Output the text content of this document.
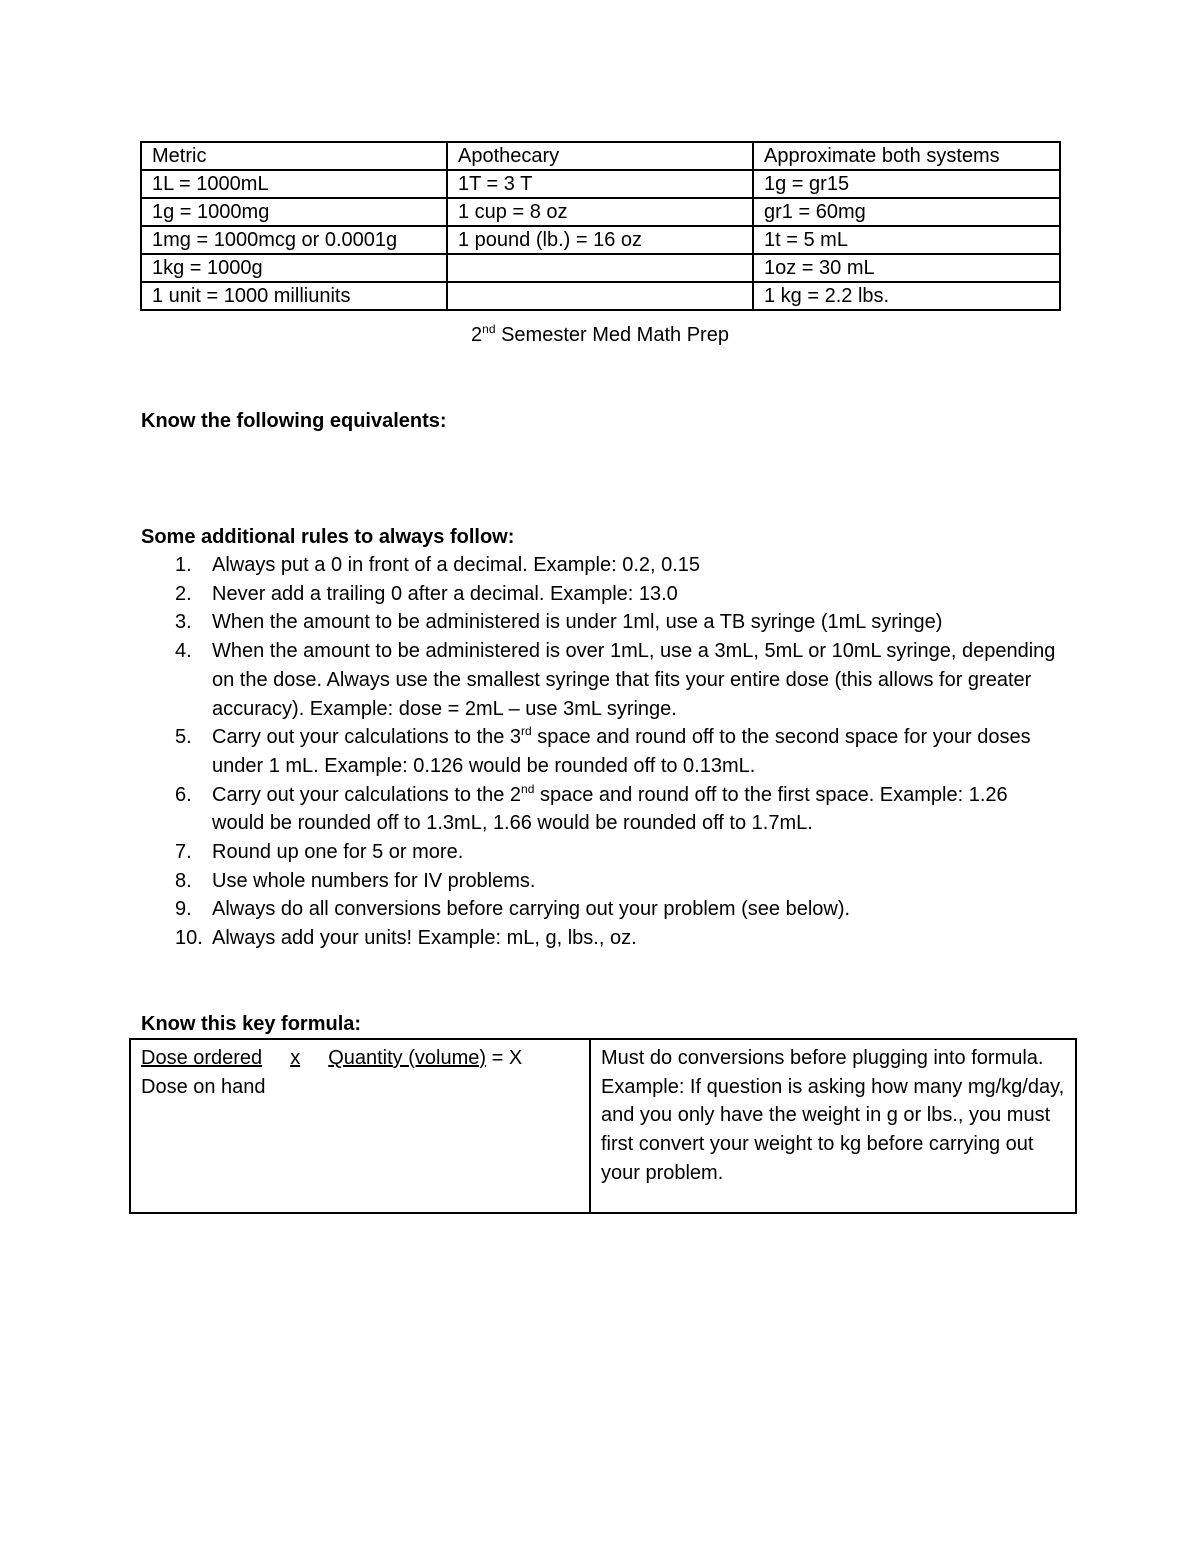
Metric	Apothecary	Approximate both systems
1L = 1000mL	1T = 3 T	1g = gr15
1g = 1000mg	1 cup = 8 oz	gr1 = 60mg
1mg = 1000mcg or 0.0001g	1 pound (lb.) = 16 oz	1t = 5 mL
1kg = 1000g		1oz = 30 mL
1 unit = 1000 milliunits		1 kg = 2.2 lbs.
2nd Semester Med Math Prep
Know the following equivalents:
Some additional rules to always follow:
1.	Always put a 0 in front of a decimal. Example: 0.2, 0.15
2.	Never add a trailing 0 after a decimal. Example: 13.0
3.	When the amount to be administered is under 1ml, use a TB syringe (1mL syringe)
4.	When the amount to be administered is over 1mL, use a 3mL, 5mL or 10mL syringe, depending on the dose. Always use the smallest syringe that fits your entire dose (this allows for greater accuracy). Example: dose = 2mL – use 3mL syringe.
5.	Carry out your calculations to the 3rd space and round off to the second space for your doses under 1 mL. Example: 0.126 would be rounded off to 0.13mL.
6.	Carry out your calculations to the 2nd space and round off to the first space. Example: 1.26 would be rounded off to 1.3mL, 1.66 would be rounded off to 1.7mL.
7.	Round up one for 5 or more.
8.	Use whole numbers for IV problems.
9.	Always do all conversions before carrying out your problem (see below).
10. Always add your units! Example: mL, g, lbs., oz.
Know this key formula:
Dose ordered x Quantity (volume) = X
Dose on hand	Must do conversions before plugging into formula. Example: If question is asking how many mg/kg/day, and you only have the weight in g or lbs., you must first convert your weight to kg before carrying out your problem.
